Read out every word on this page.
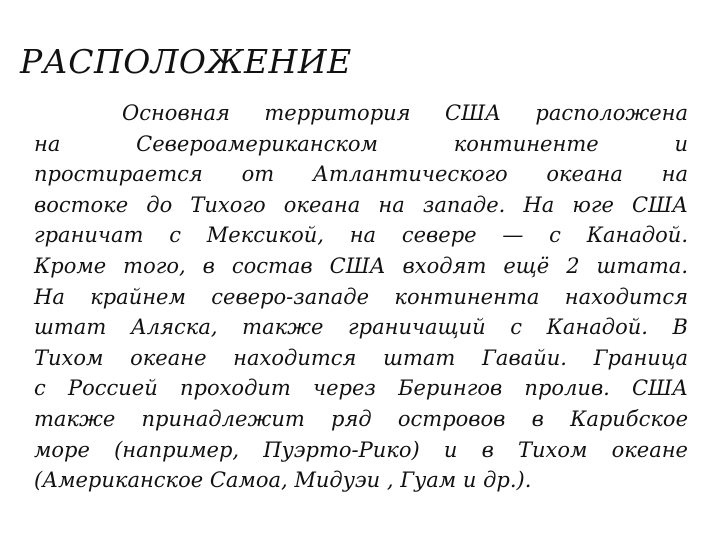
РАСПОЛОЖЕНИЕ
Основная территория США расположена
на Североамериканском континенте и
простирается от Атлантического океана на
востоке до Тихого океана на западе. На юге США
граничат с Мексикой, на севере — с Канадой.
Кроме того, в состав США входят ещё 2 штата.
На крайнем северо-западе континента находится
штат Аляска, также граничащий с Канадой. В
Тихом океане находится штат Гавайи. Граница
с Россией проходит через Берингов пролив. США
также принадлежит ряд островов в Карибское
море (например, Пуэрто-Рико) и в Тихом океане
(Американское Самоа, Мидуэи , Гуам и др.).
